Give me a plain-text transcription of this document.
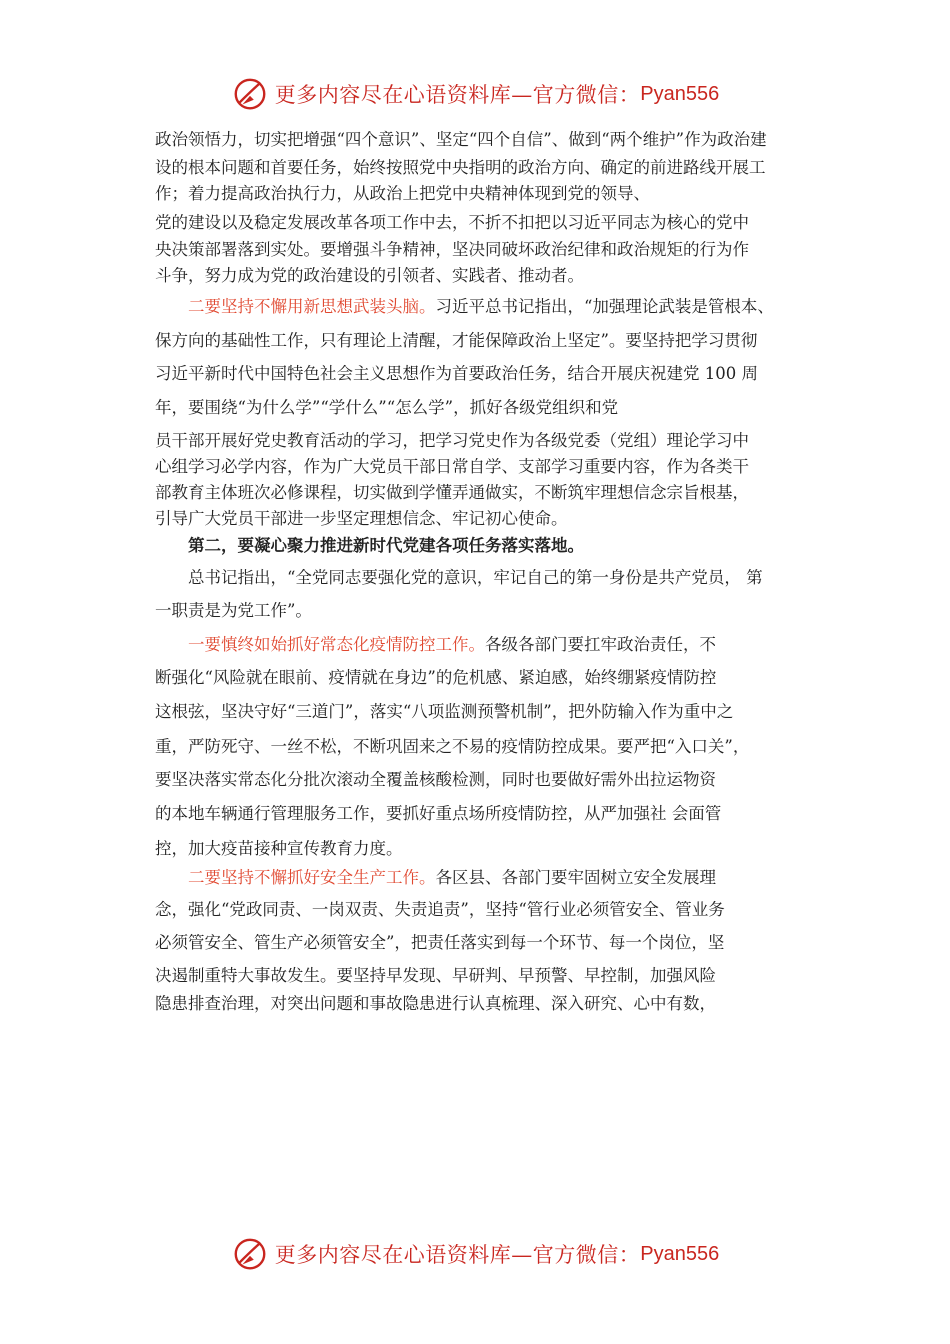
更多内容尽在心语资料库—官方微信： Pyan556
政治领悟力，切实把增强“四个意识”、坚定“四个自信”、做到“两个维护”作为政治建
设的根本问题和首要任务，始终按照党中央指明的政治方向、确定的前进路线开展工
作；着力提高政治执行力，从政治上把党中央精神体现到党的领导、
党的建设以及稳定发展改革各项工作中去，不折不扣把以习近平同志为核心的党中
央决策部署落到实处。要增强斗争精神，坚决同破坏政治纪律和政治规矩的行为作
斗争，努力成为党的政治建设的引领者、实践者、推动者。
二要坚持不懈用新思想武装头脑。习近平总书记指出，“加强理论武装是管根本、
保方向的基础性工作，只有理论上清醒，才能保障政治上坚定”。要坚持把学习贯彻
习近平新时代中国特色社会主义思想作为首要政治任务，结合开展庆祝建党 100 周
年，要围绕“为什么学”“学什么”“怎么学”，抓好各级党组织和党
员干部开展好党史教育活动的学习，把学习党史作为各级党委（党组）理论学习中
心组学习必学内容，作为广大党员干部日常自学、支部学习重要内容，作为各类干
部教育主体班次必修课程，切实做到学懂弄通做实，不断筑牢理想信念宗旨根基，
引导广大党员干部进一步坚定理想信念、牢记初心使命。
第二，要凝心聚力推进新时代党建各项任务落实落地。
总书记指出，“全党同志要强化党的意识，牢记自己的第一身份是共产党员， 第
一职责是为党工作”。
一要慎终如始抓好常态化疫情防控工作。各级各部门要扛牢政治责任，不
断强化“风险就在眼前、疫情就在身边”的危机感、紧迫感，始终绷紧疫情防控
这根弦，坚决守好“三道门”，落实“八项监测预警机制”，把外防输入作为重中之
重，严防死守、一丝不松，不断巩固来之不易的疫情防控成果。要严把“入口关”，
要坚决落实常态化分批次滚动全覆盖核酸检测，同时也要做好需外出拉运物资
的本地车辆通行管理服务工作，要抓好重点场所疫情防控，从严加强社 会面管
控，加大疫苗接种宣传教育力度。
二要坚持不懈抓好安全生产工作。各区县、各部门要牢固树立安全发展理
念，强化“党政同责、一岗双责、失责追责”，坚持“管行业必须管安全、管业务
必须管安全、管生产必须管安全”，把责任落实到每一个环节、每一个岗位，坚
决遏制重特大事故发生。要坚持早发现、早研判、早预警、早控制，加强风险
隐患排查治理，对突出问题和事故隐患进行认真梳理、深入研究、心中有数，
更多内容尽在心语资料库—官方微信： Pyan556
